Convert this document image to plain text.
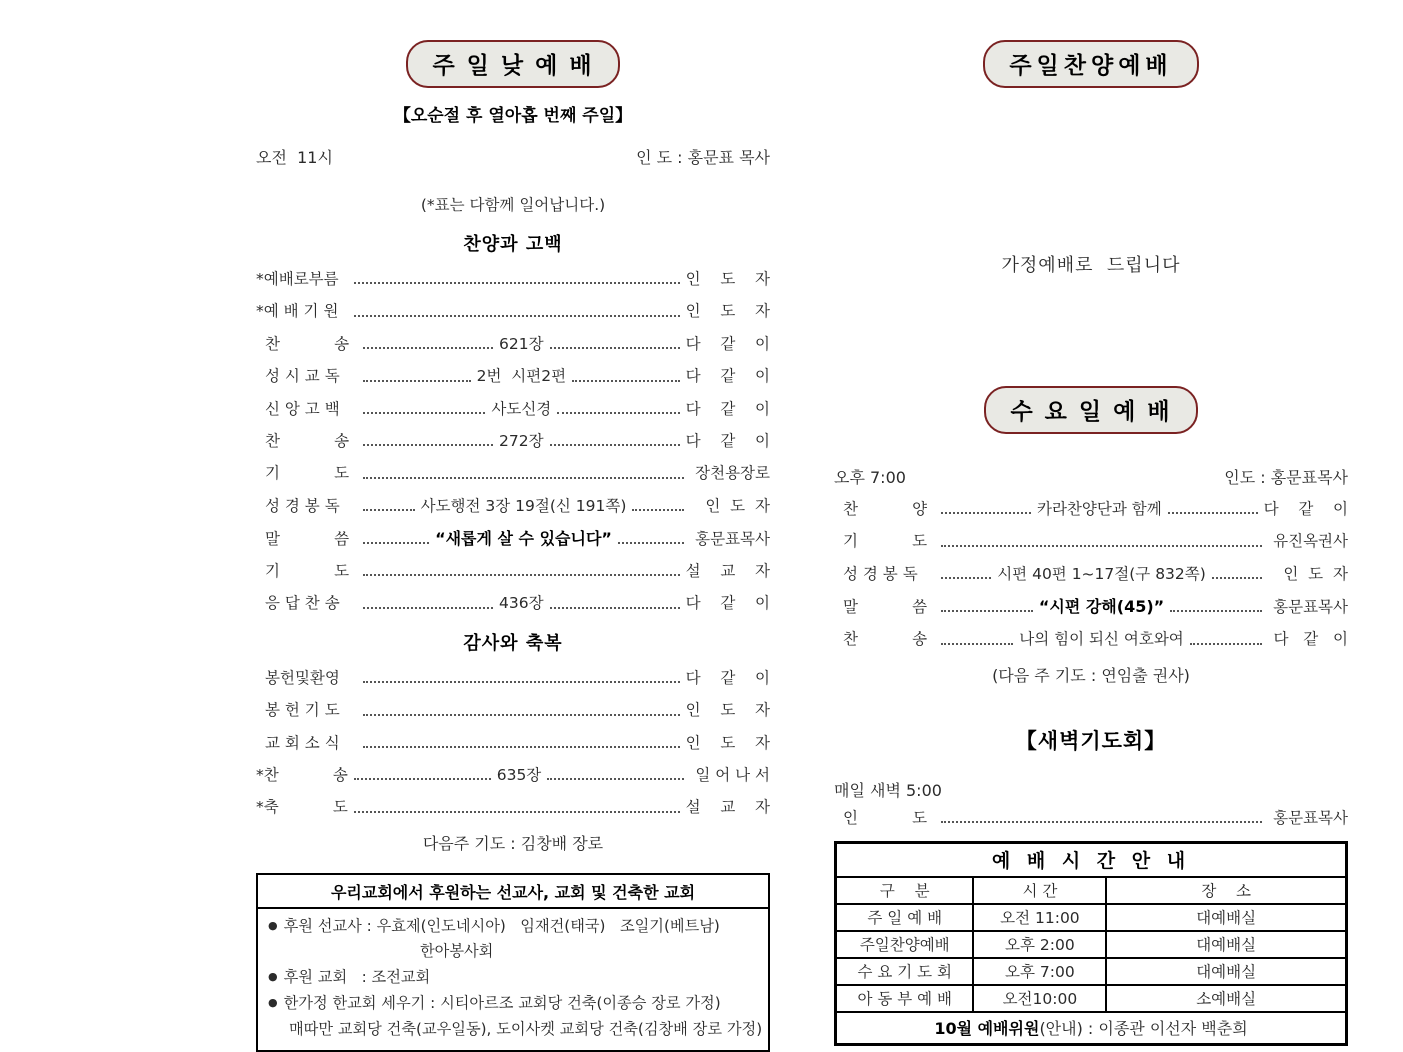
주 일 낮 예 배
【오순절 후 열아홉 번째 주일】
오전  11시	인 도 : 홍문표 목사
(*표는 다함께 일어납니다.)
찬양과 고백
*예배로부름	인    도    자
*예 배 기 원	인    도    자
찬           송	621장	다    같    이
성 시 교 독	2번  시편2편	다    같    이
신 앙 고 백	사도신경	다    같    이
찬           송	272장	다    같    이
기           도	장천용장로
성 경 봉 독	사도행전 3장 19절(신 191쪽)	인  도  자
말           씀	“새롭게 살 수 있습니다”	홍문표목사
기           도	설    교    자
응 답 찬 송	436장	다    같    이
감사와 축복
봉헌및환영	다    같    이
봉 헌 기 도	인    도    자
교 회 소 식	인    도    자
*찬           송	635장	일 어 나 서
*축           도	설    교    자
다음주 기도 : 김창배 장로
우리교회에서 후원하는 선교사, 교회 및 건축한 교회
● 후원 선교사 : 우효제(인도네시아)   임재건(태국)   조일기(베트남)
한아봉사회
● 후원 교회   : 조전교회
● 한가정 한교회 세우기 : 시티아르조 교회당 건축(이종승 장로 가정)
매따만 교회당 건축(교우일동), 도이사켓 교회당 건축(김창배 장로 가정)
주일찬양예배
가정예배로  드립니다
수 요 일 예 배
오후 7:00	인도 : 홍문표목사
찬           양	카라찬양단과 함께	다    같    이
기           도	유진옥권사
성 경 봉 독	시편 40편 1~17절(구 832쪽)	인  도  자
말           씀	“시편 강해(45)”	홍문표목사
찬           송	나의 힘이 되신 여호와여	다   같   이
(다음 주 기도 : 연임출 권사)
【새벽기도회】
매일 새벽 5:00
인           도	홍문표목사
예 배 시 간 안 내		
구    분	시 간	장    소
주 일 예 배	오전 11:00	대예배실
주일찬양예배	오후 2:00	대예배실
수 요 기 도 회	오후 7:00	대예배실
아 동 부 예 배	오전10:00	소예배실
10월 예배위원(안내) : 이종관 이선자 백춘희		
